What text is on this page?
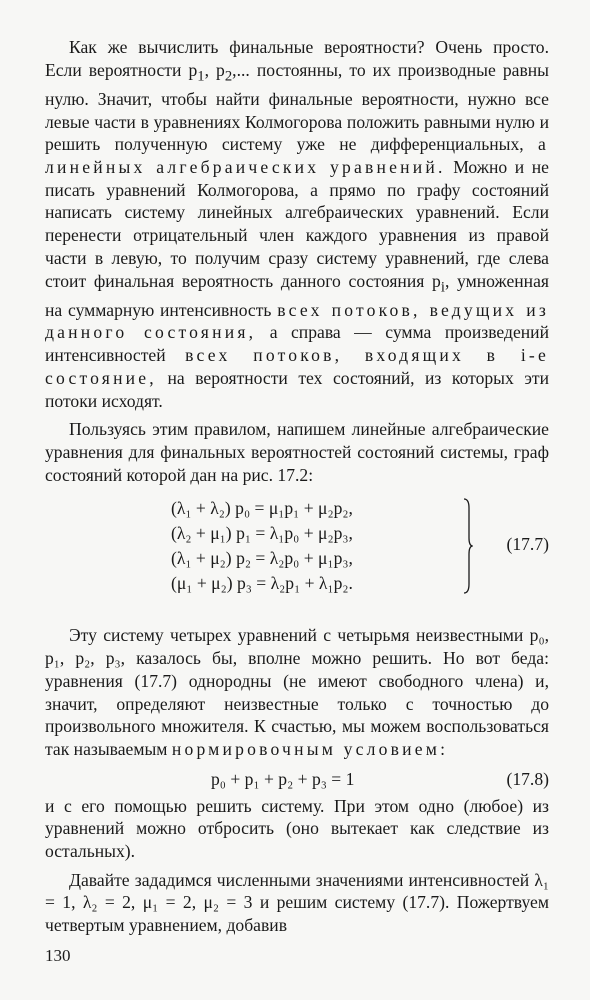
Как же вычислить финальные вероятности? Очень просто. Если вероятности $p_1$, $p_2$,... постоянны, то их производные равны нулю. Значит, чтобы найти финальные вероятности, нужно все левые части в уравнениях Колмогорова положить равными нулю и решить полученную систему уже не дифференциальных, а линейных алгебраических уравнений. Можно и не писать уравнений Колмогорова, а прямо по графу состояний написать систему линейных алгебраических уравнений. Если перенести отрицательный член каждого уравнения из правой части в левую, то получим сразу систему уравнений, где слева стоит финальная вероятность данного состояния $p_i$, умноженная на суммарную интенсивность всех потоков, ведущих из данного состояния, а справа — сумма произведений интенсивностей всех потоков, входящих в i-е состояние, на вероятности тех состояний, из которых эти потоки исходят.

Пользуясь этим правилом, напишем линейные алгебраические уравнения для финальных вероятностей состояний системы, граф состояний которой дан на рис. 17.2:

(λ₁ + λ₂) p₀ = μ₁p₁ + μ₂p₂,
(λ₂ + μ₁) p₁ = λ₁p₀ + μ₂p₃,
(λ₁ + μ₂) p₂ = λ₂p₀ + μ₁p₃,
(μ₁ + μ₂) p₃ = λ₂p₁ + λ₁p₂.
(17.7)

Эту систему четырех уравнений с четырьмя неизвестными p₀, p₁, p₂, p₃, казалось бы, вполне можно решить. Но вот беда: уравнения (17.7) однородны (не имеют свободного члена) и, значит, определяют неизвестные только с точностью до произвольного множителя. К счастью, мы можем воспользоваться так называемым нормировочным условием:

p₀ + p₁ + p₂ + p₃ = 1	(17.8)

и с его помощью решить систему. При этом одно (любое) из уравнений можно отбросить (оно вытекает как следствие из остальных).

Давайте зададимся численными значениями интенсивностей λ₁ = 1, λ₂ = 2, μ₁ = 2, μ₂ = 3 и решим систему (17.7). Пожертвуем четвертым уравнением, добавив

130
